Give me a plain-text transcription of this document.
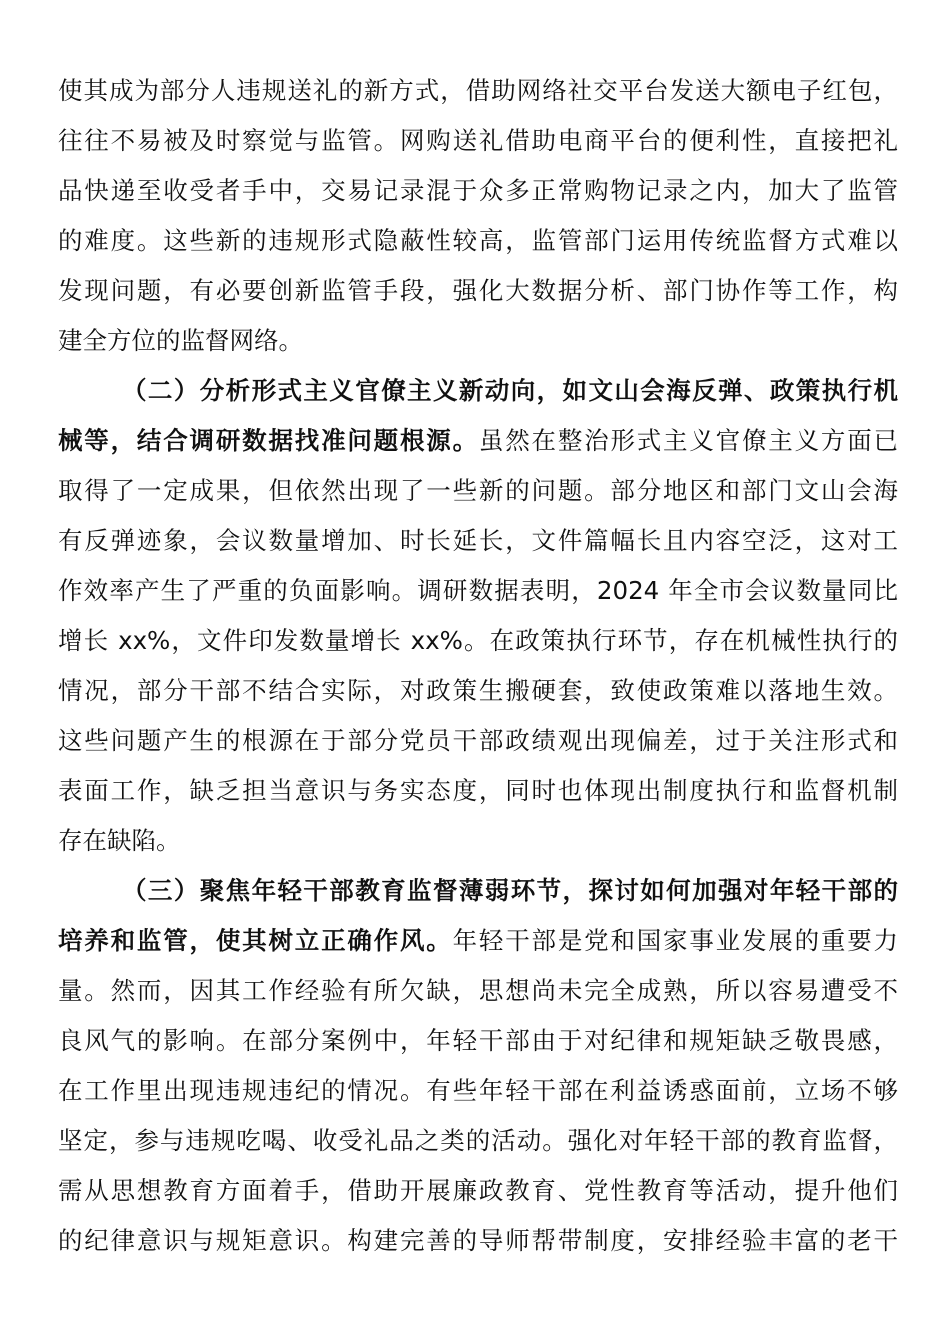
使其成为部分人违规送礼的新方式，借助网络社交平台发送大额电子红包，
往往不易被及时察觉与监管。网购送礼借助电商平台的便利性，直接把礼
品快递至收受者手中，交易记录混于众多正常购物记录之内，加大了监管
的难度。这些新的违规形式隐蔽性较高，监管部门运用传统监督方式难以
发现问题，有必要创新监管手段，强化大数据分析、部门协作等工作，构
建全方位的监督网络。
（二）分析形式主义官僚主义新动向，如文山会海反弹、政策执行机
械等，结合调研数据找准问题根源。虽然在整治形式主义官僚主义方面已
取得了一定成果，但依然出现了一些新的问题。部分地区和部门文山会海
有反弹迹象，会议数量增加、时长延长，文件篇幅长且内容空泛，这对工
作效率产生了严重的负面影响。调研数据表明，2024 年全市会议数量同比
增长 xx%，文件印发数量增长 xx%。在政策执行环节，存在机械性执行的
情况，部分干部不结合实际，对政策生搬硬套，致使政策难以落地生效。
这些问题产生的根源在于部分党员干部政绩观出现偏差，过于关注形式和
表面工作，缺乏担当意识与务实态度，同时也体现出制度执行和监督机制
存在缺陷。
（三）聚焦年轻干部教育监督薄弱环节，探讨如何加强对年轻干部的
培养和监管，使其树立正确作风。年轻干部是党和国家事业发展的重要力
量。然而，因其工作经验有所欠缺，思想尚未完全成熟，所以容易遭受不
良风气的影响。在部分案例中，年轻干部由于对纪律和规矩缺乏敬畏感，
在工作里出现违规违纪的情况。有些年轻干部在利益诱惑面前，立场不够
坚定，参与违规吃喝、收受礼品之类的活动。强化对年轻干部的教育监督，
需从思想教育方面着手，借助开展廉政教育、党性教育等活动，提升他们
的纪律意识与规矩意识。构建完善的导师帮带制度，安排经验丰富的老干
